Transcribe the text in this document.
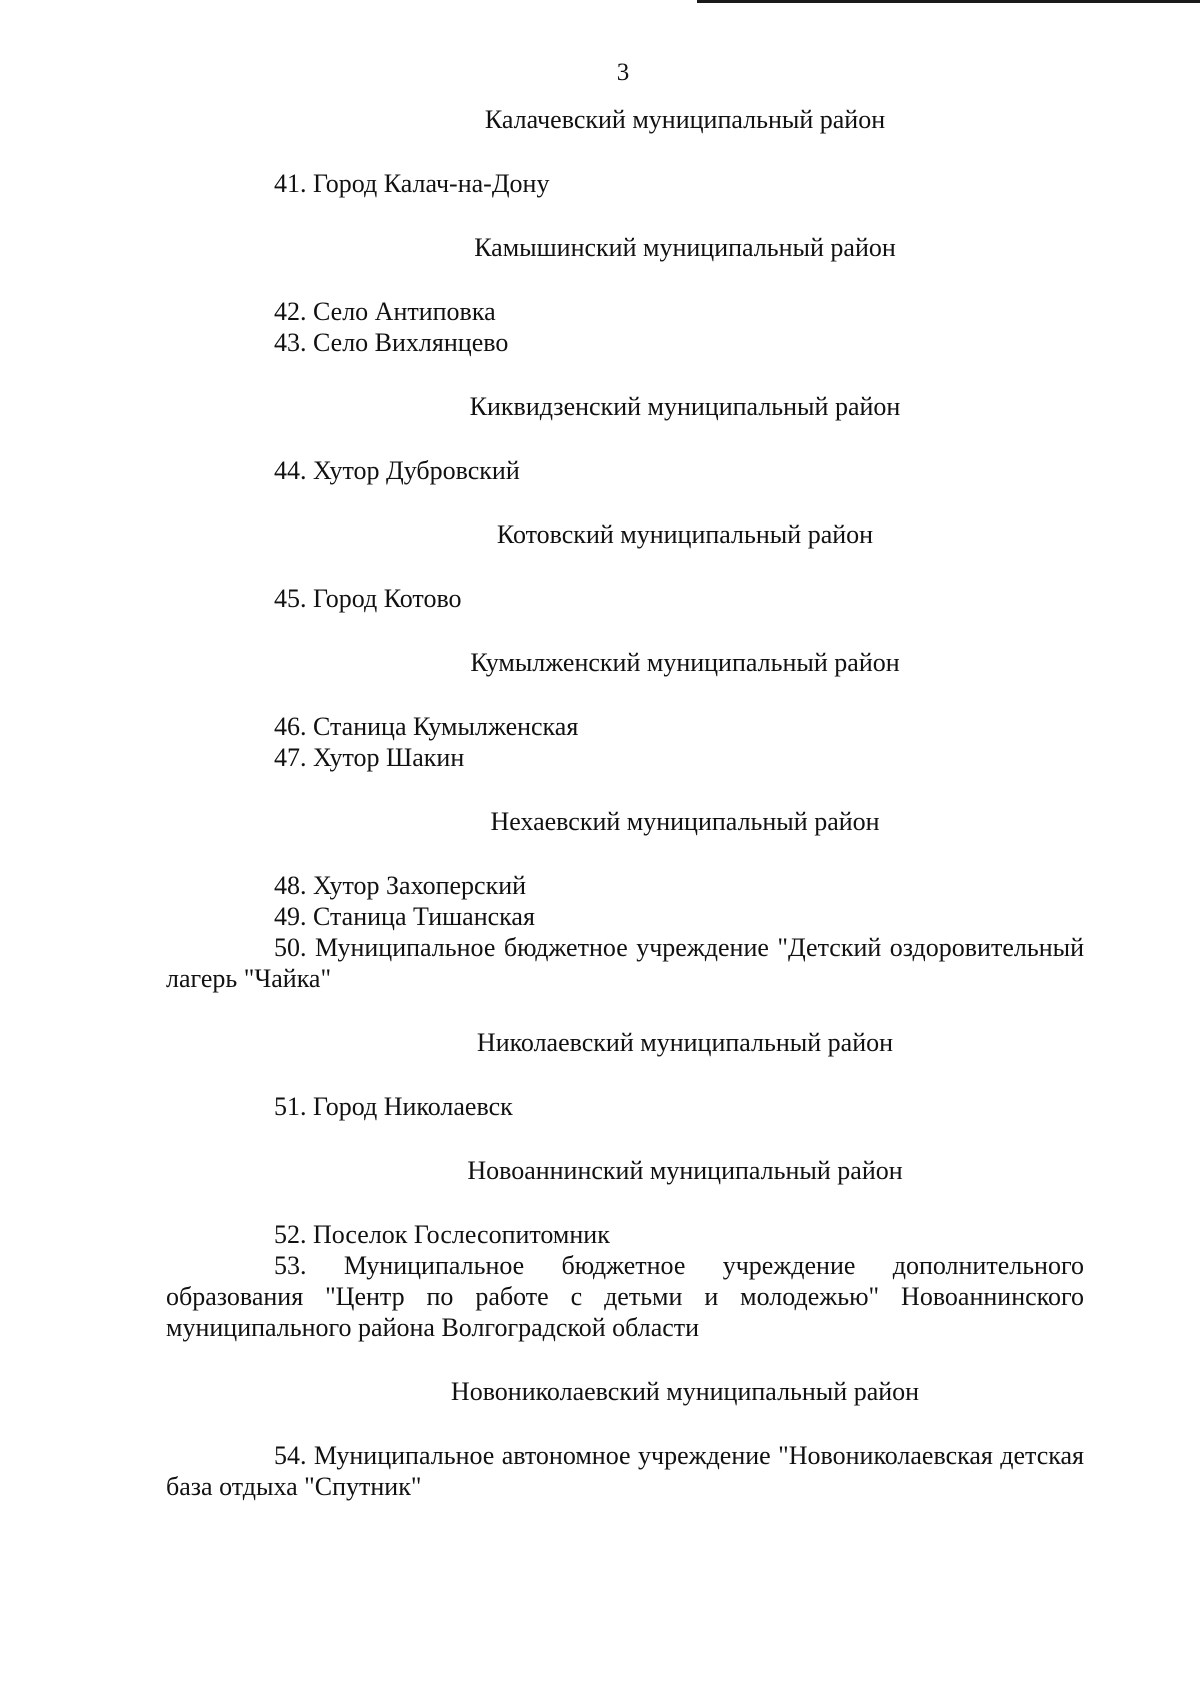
3

Калачевский муниципальный район

41. Город Калач-на-Дону

Камышинский муниципальный район

42. Село Антиповка

43. Село Вихлянцево

Киквидзенский муниципальный район

44. Хутор Дубровский

Котовский муниципальный район

45. Город Котово

Кумылженский муниципальный район

46. Станица Кумылженская

47. Хутор Шакин

Нехаевский муниципальный район

48. Хутор Захоперский

49. Станица Тишанская

50. Муниципальное бюджетное учреждение "Детский оздоровительный лагерь "Чайка"

Николаевский муниципальный район

51. Город Николаевск

Новоаннинский муниципальный район

52. Поселок Гослесопитомник

53. Муниципальное бюджетное учреждение дополнительного образования "Центр по работе с детьми и молодежью" Новоаннинского муниципального района Волгоградской области

Новониколаевский муниципальный район

54. Муниципальное автономное учреждение "Новониколаевская детская база отдыха "Спутник"
